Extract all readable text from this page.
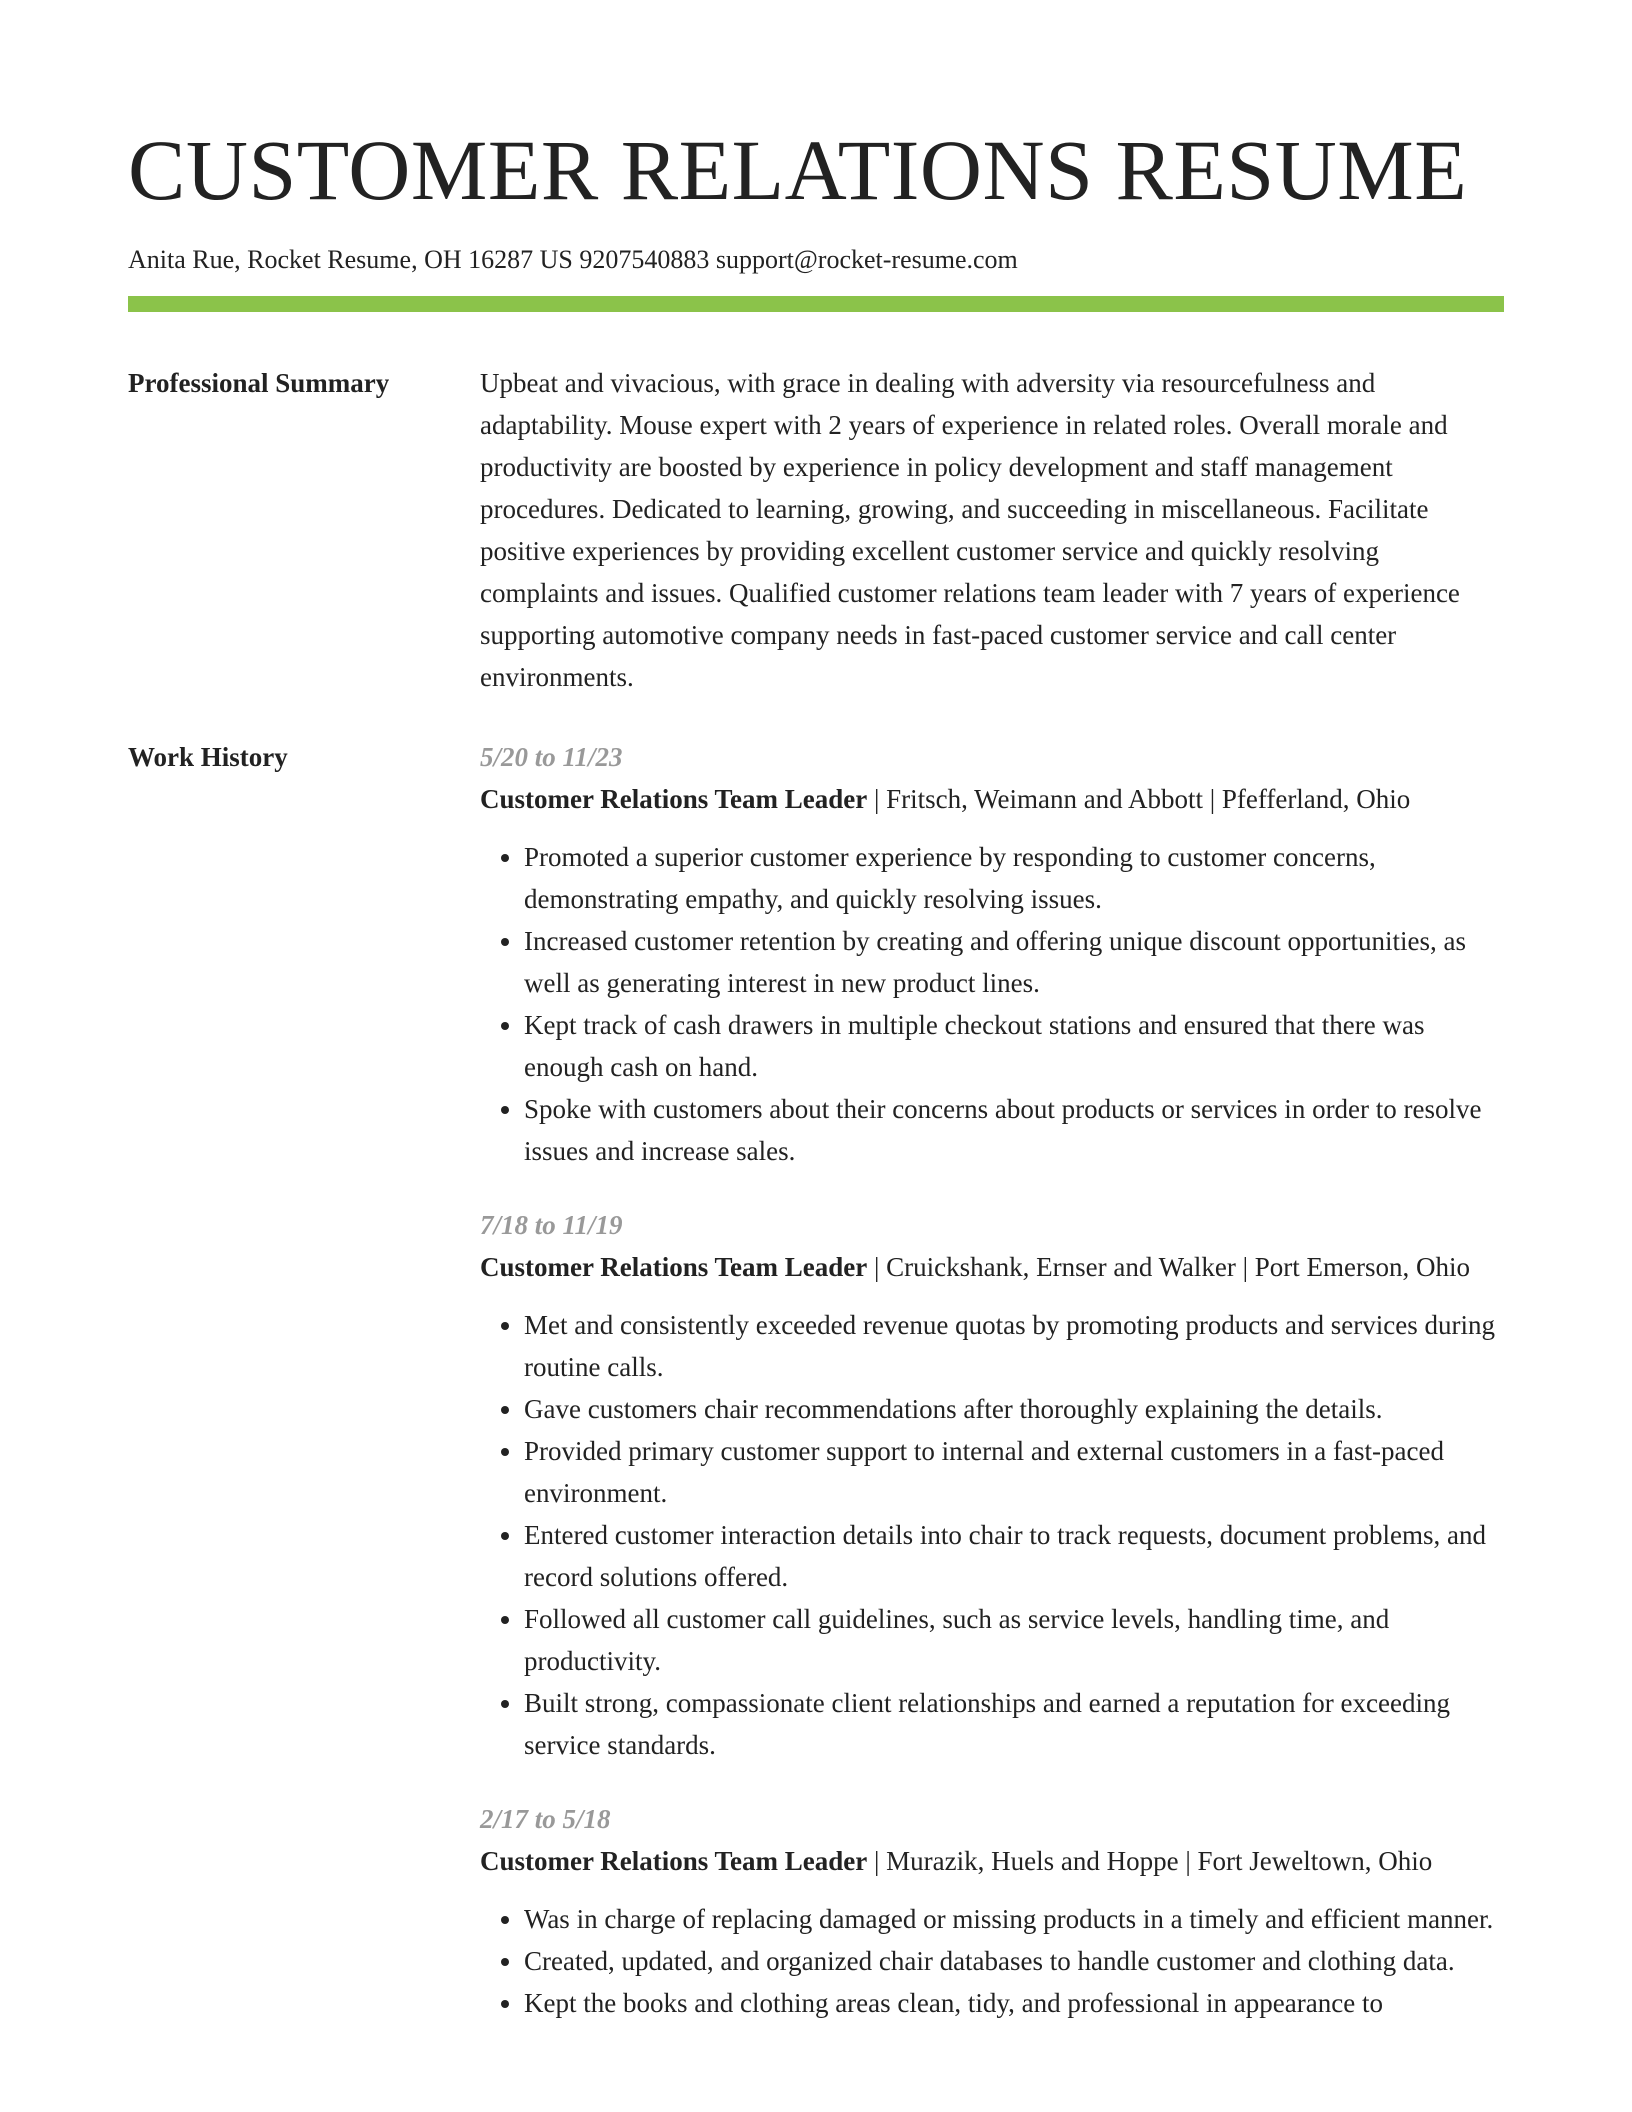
CUSTOMER RELATIONS RESUME
Anita Rue, Rocket Resume, OH 16287 US 9207540883 support@rocket-resume.com
Professional Summary	Upbeat and vivacious, with grace in dealing with adversity via resourcefulness and adaptability. Mouse expert with 2 years of experience in related roles. Overall morale and productivity are boosted by experience in policy development and staff management procedures. Dedicated to learning, growing, and succeeding in miscellaneous. Facilitate positive experiences by providing excellent customer service and quickly resolving complaints and issues. Qualified customer relations team leader with 7 years of experience supporting automotive company needs in fast-paced customer service and call center environments.

Work History	5/20 to 11/23

Customer Relations Team Leader | Fritsch, Weimann and Abbott | Pfefferland, Ohio

• Promoted a superior customer experience by responding to customer concerns, demonstrating empathy, and quickly resolving issues.
• Increased customer retention by creating and offering unique discount opportunities, as well as generating interest in new product lines.
• Kept track of cash drawers in multiple checkout stations and ensured that there was enough cash on hand.
• Spoke with customers about their concerns about products or services in order to resolve issues and increase sales.
7/18 to 11/19

Customer Relations Team Leader | Cruickshank, Ernser and Walker | Port Emerson, Ohio

• Met and consistently exceeded revenue quotas by promoting products and services during routine calls.
• Gave customers chair recommendations after thoroughly explaining the details.
• Provided primary customer support to internal and external customers in a fast-paced environment.
• Entered customer interaction details into chair to track requests, document problems, and record solutions offered.
• Followed all customer call guidelines, such as service levels, handling time, and productivity.
• Built strong, compassionate client relationships and earned a reputation for exceeding service standards.
2/17 to 5/18

Customer Relations Team Leader | Murazik, Huels and Hoppe | Fort Jeweltown, Ohio

• Was in charge of replacing damaged or missing products in a timely and efficient manner.
• Created, updated, and organized chair databases to handle customer and clothing data.
• Kept the books and clothing areas clean, tidy, and professional in appearance to
